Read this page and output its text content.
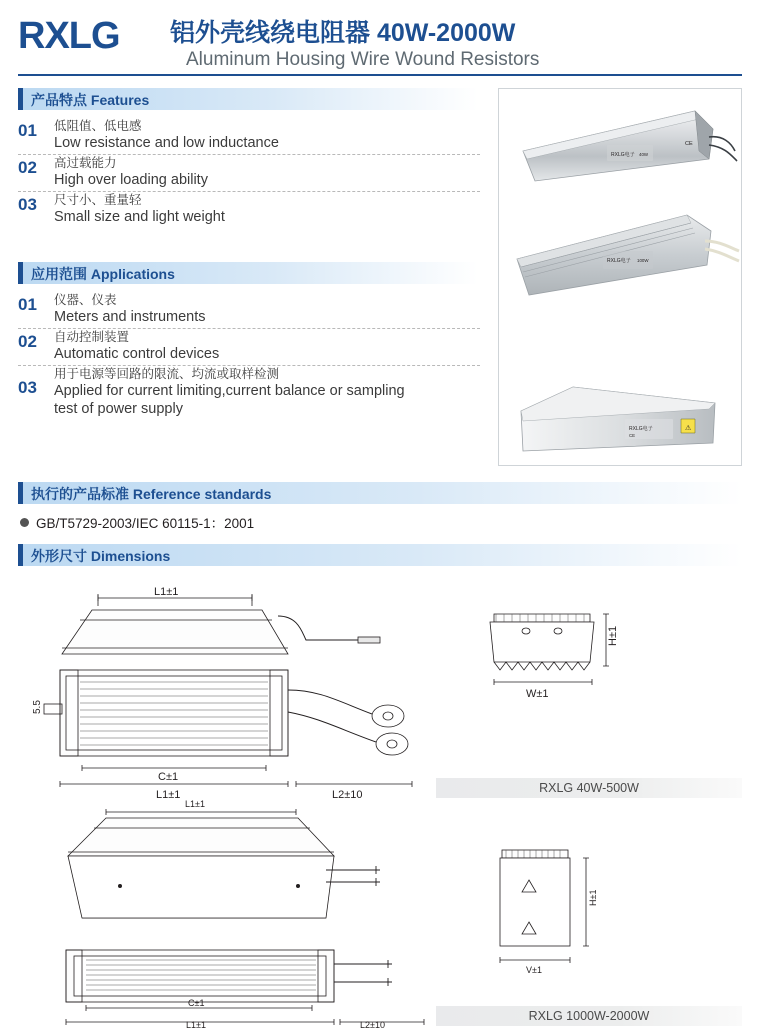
RXLG 铝外壳线绕电阻器 40W-2000W
Aluminum Housing Wire Wound Resistors
产品特点 Features
01	低阻值、低电感
Low resistance and low inductance
02	高过载能力
High over loading ability
03	尺寸小、重量轻
Small size and light weight
应用范围 Applications
01	仪器、仪表
Meters and instruments
02	自动控制装置
Automatic control devices
03
用于电源等回路的限流、均流或取样检测
Applied for current limiting,current balance or sampling
test of power supply
RXLG电子 40W
CE
RXLG电子 100W
RXLG电子
CE
⚠
执行的产品标准 Reference standards
GB/T5729-2003/IEC 60115-1：2001
外形尺寸 Dimensions
L1±1
C±1
L1±1	L2±10
5.5
H±1
W±1
RXLG 40W-500W
L1±1
C±1
L1±1	L2±10
H±1
V±1
RXLG 1000W-2000W
